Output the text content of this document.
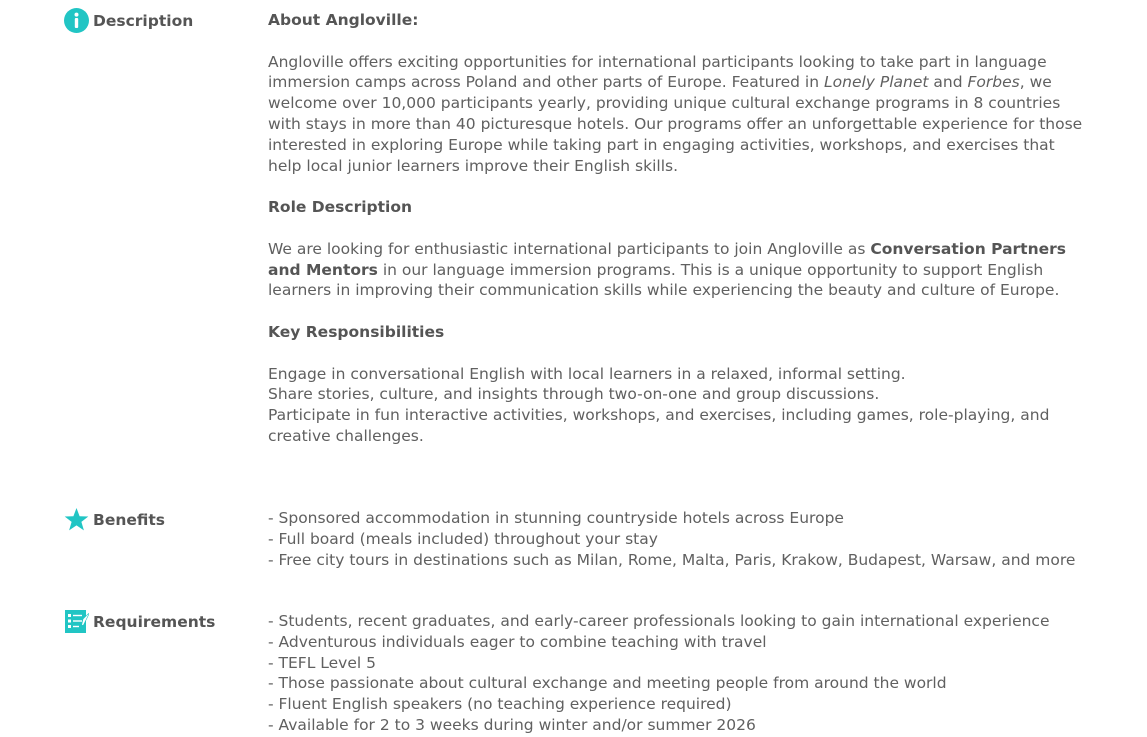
Description	About Angloville:

Angloville offers exciting opportunities for international participants looking to take part in language immersion camps across Poland and other parts of Europe. Featured in Lonely Planet and Forbes, we welcome over 10,000 participants yearly, providing unique cultural exchange programs in 8 countries with stays in more than 40 picturesque hotels. Our programs offer an unforgettable experience for those interested in exploring Europe while taking part in engaging activities, workshops, and exercises that help local junior learners improve their English skills.

Role Description

We are looking for enthusiastic international participants to join Angloville as Conversation Partners and Mentors in our language immersion programs. This is a unique opportunity to support English learners in improving their communication skills while experiencing the beauty and culture of Europe.

Key Responsibilities

Engage in conversational English with local learners in a relaxed, informal setting.

Share stories, culture, and insights through two-on-one and group discussions.

Participate in fun interactive activities, workshops, and exercises, including games, role-playing, and creative challenges.

Benefits	- Sponsored accommodation in stunning countryside hotels across Europe

- Full board (meals included) throughout your stay

- Free city tours in destinations such as Milan, Rome, Malta, Paris, Krakow, Budapest, Warsaw, and more

Requirements	- Students, recent graduates, and early-career professionals looking to gain international experience

- Adventurous individuals eager to combine teaching with travel

- TEFL Level 5

- Those passionate about cultural exchange and meeting people from around the world

- Fluent English speakers (no teaching experience required)

- Available for 2 to 3 weeks during winter and/or summer 2026
